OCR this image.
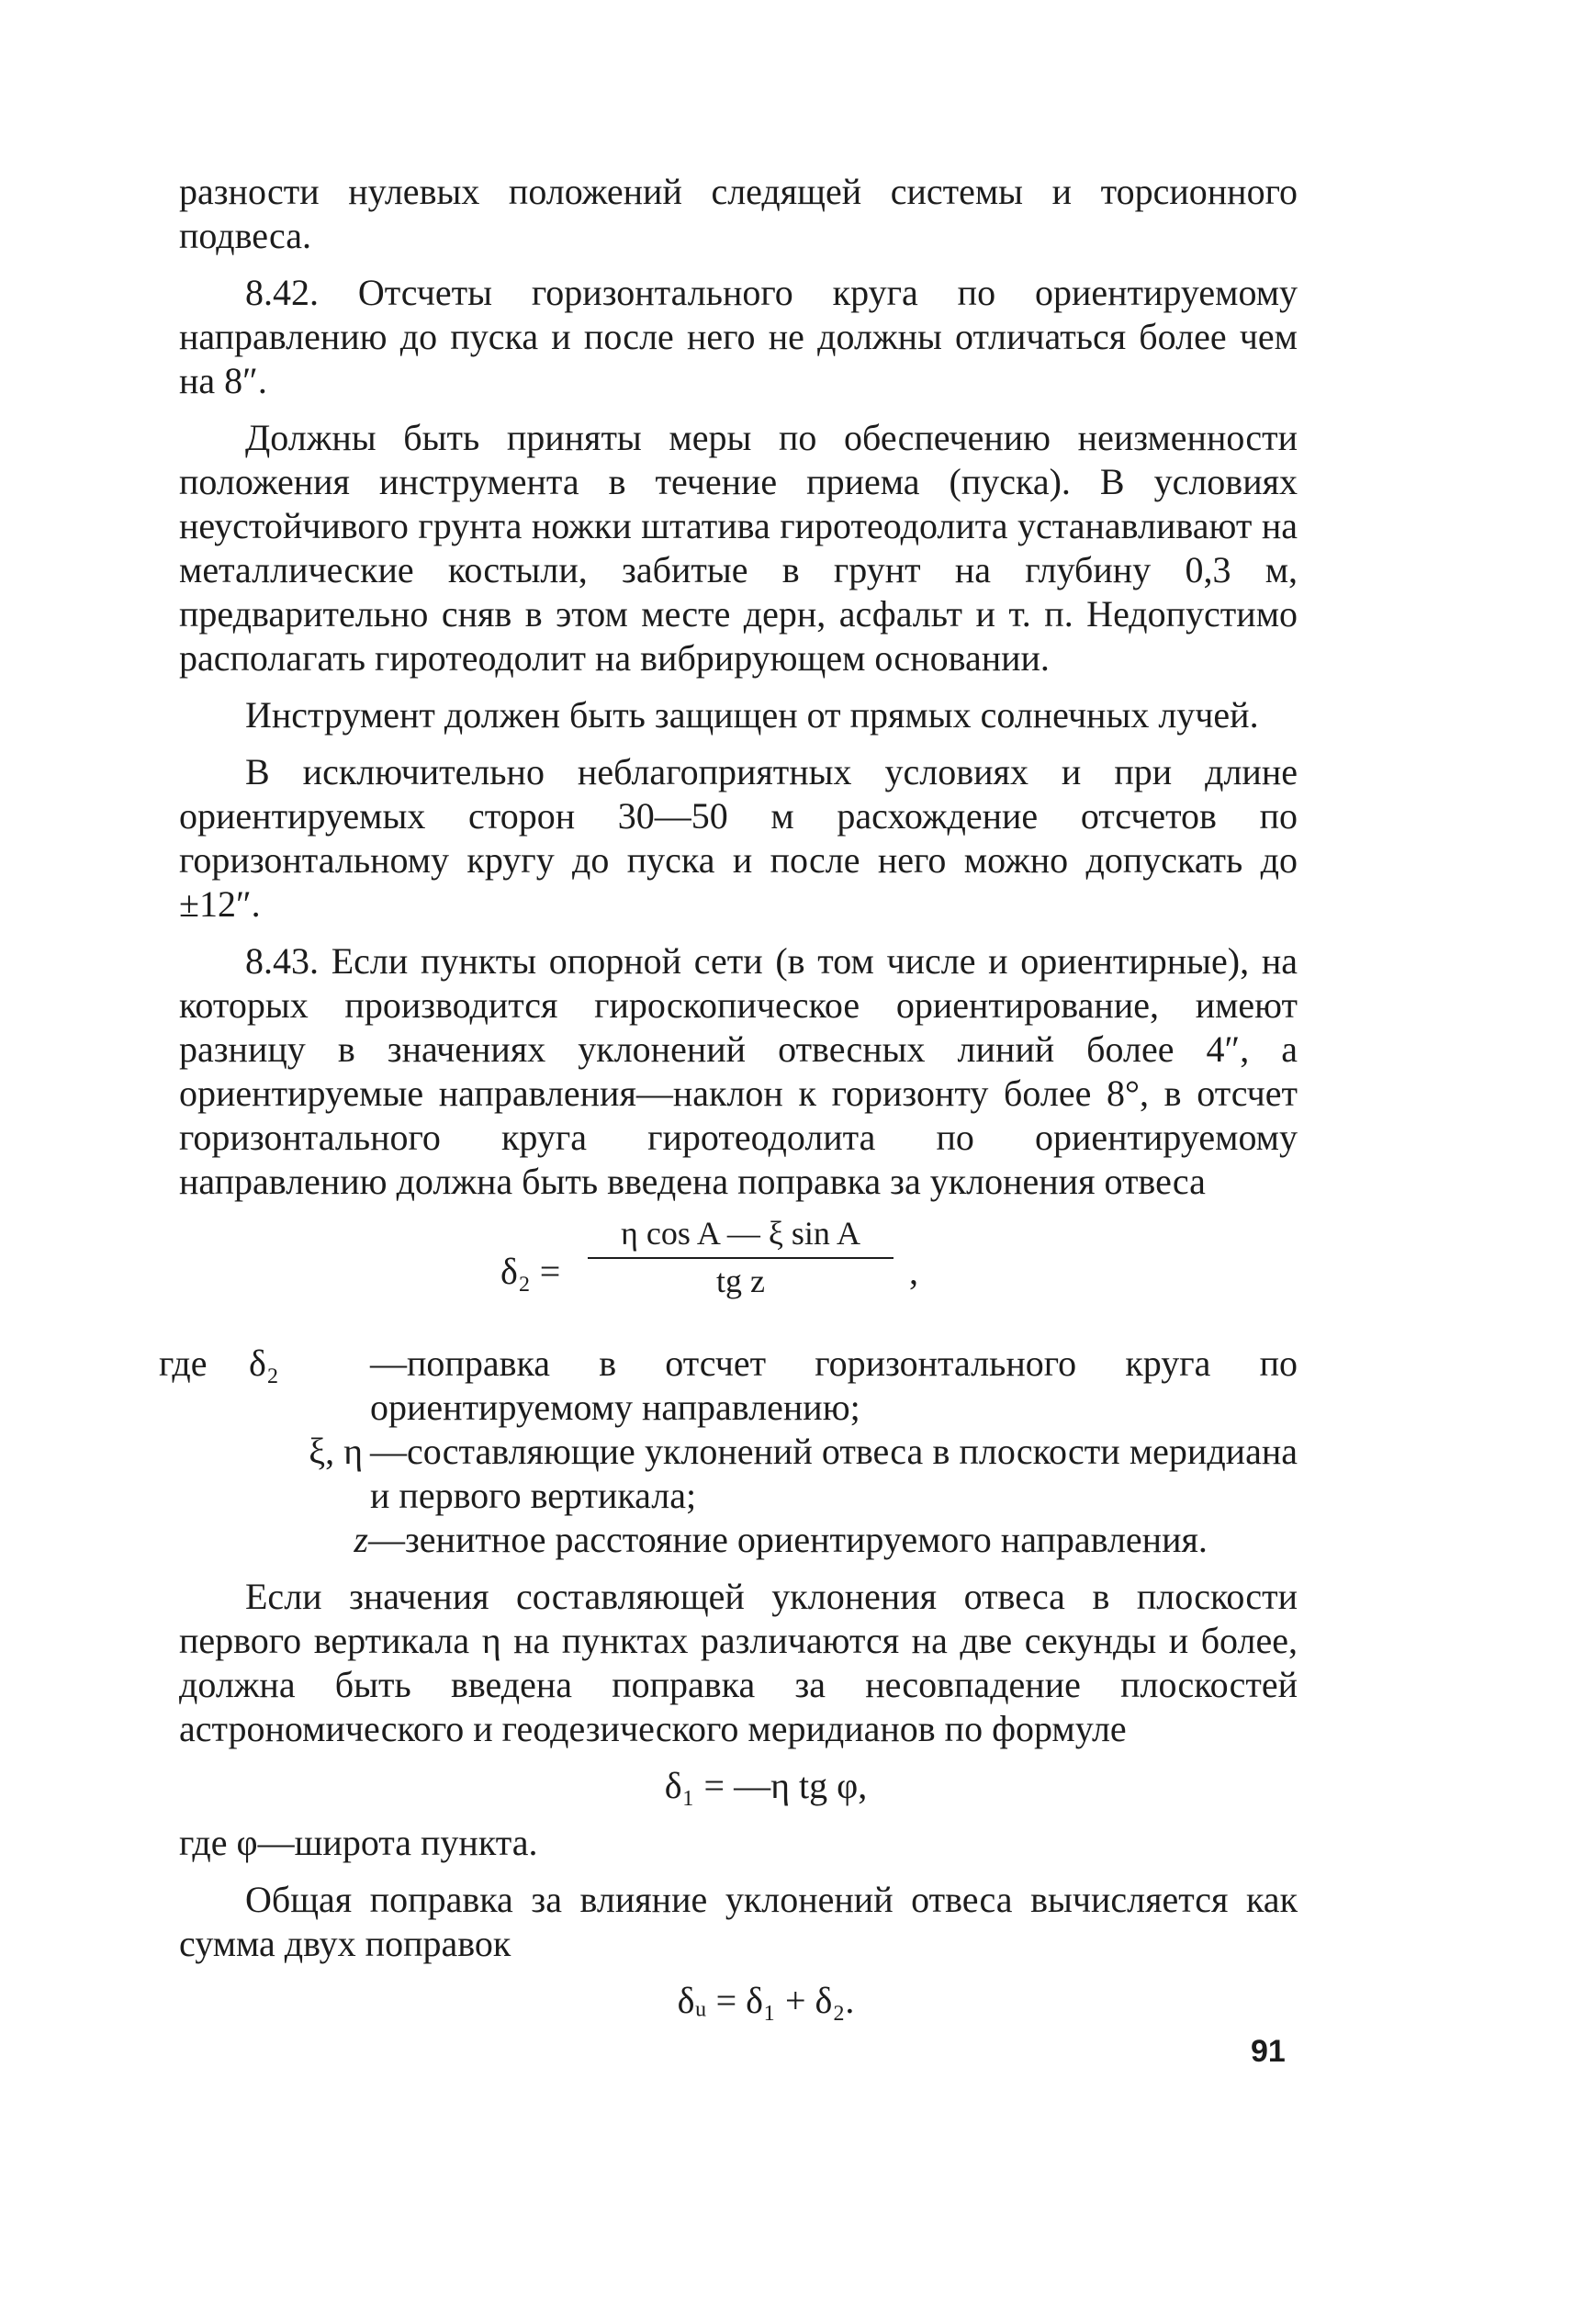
разности нулевых положений следящей системы и торсионного подвеса.

8.42. Отсчеты горизонтального круга по ориентируемому направлению до пуска и после него не должны отличаться более чем на 8″.

Должны быть приняты меры по обеспечению неизменности положения инструмента в течение приема (пуска). В условиях неустойчивого грунта ножки штатива гиротеодолита устанавливают на металлические костыли, забитые в грунт на глубину 0,3 м, предварительно сняв в этом месте дерн, асфальт и т. п. Недопустимо располагать гиротеодолит на вибрирующем основании.

Инструмент должен быть защищен от прямых солнечных лучей.

В исключительно неблагоприятных условиях и при длине ориентируемых сторон 30—50 м расхождение отсчетов по горизонтальному кругу до пуска и после него можно допускать до ±12″.

8.43. Если пункты опорной сети (в том числе и ориентирные), на которых производится гироскопическое ориентирование, имеют разницу в значениях уклонений отвесных линий более 4″, а ориентируемые направления—наклон к горизонту более 8°, в отсчет горизонтального круга гиротеодолита по ориентируемому направлению должна быть введена поправка за уклонения отвеса

$\delta_2 = \frac{\text{η cos A — ξ sin A}}{\text{tg z}}$ ,
где δ₂	—поправка в отсчет горизонтального круга по ориентируемому направлению;
ξ, η —составляющие уклонений отвеса в плоскости меридиана и первого вертикала;
z —зенитное расстояние ориентируемого направления.

Если значения составляющей уклонения отвеса в плоскости первого вертикала η на пунктах различаются на две секунды и более, должна быть введена поправка за несовпадение плоскостей астрономического и геодезического меридианов по формуле

δ₁ = —η tg φ,

где φ—широта пункта.

Общая поправка за влияние уклонений отвеса вычисляется как сумма двух поправок

δᵤ = δ₁ + δ₂.
91
